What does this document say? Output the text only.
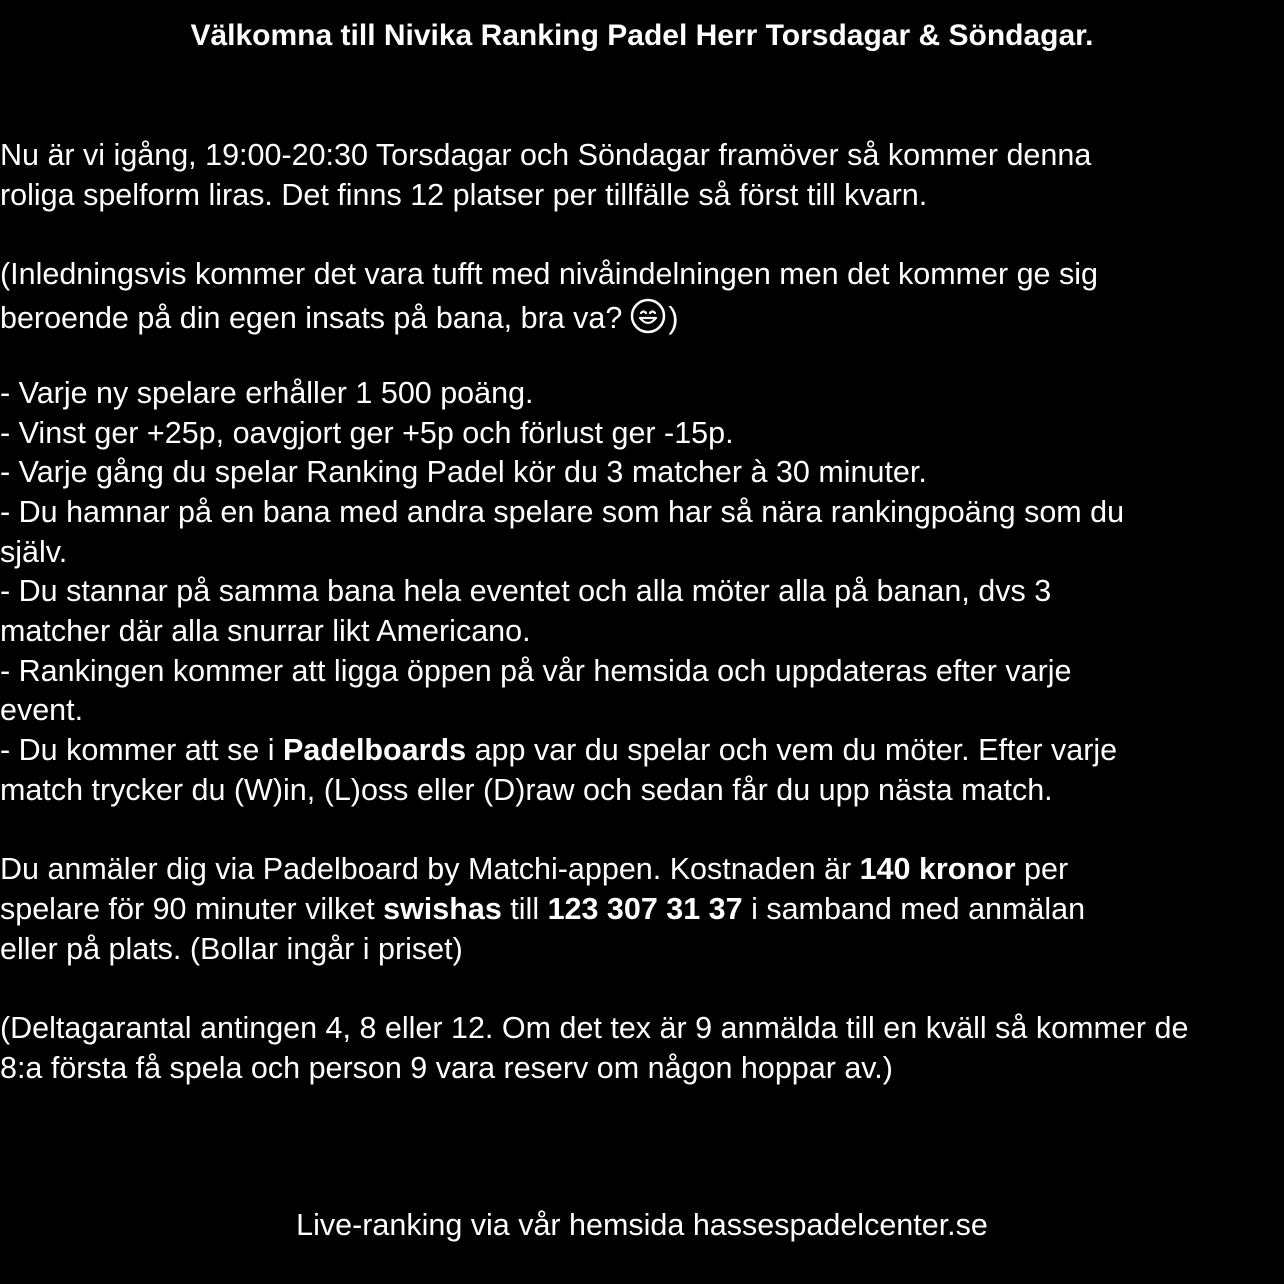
Välkomna till Nivika Ranking Padel Herr Torsdagar & Söndagar.

Nu är vi igång, 19:00-20:30 Torsdagar och Söndagar framöver så kommer denna

roliga spelform liras. Det finns 12 platser per tillfälle så först till kvarn.

(Inledningsvis kommer det vara tufft med nivåindelningen men det kommer ge sig

beroende på din egen insats på bana, bra va? )

- Varje ny spelare erhåller 1 500 poäng.

- Vinst ger +25p, oavgjort ger +5p och förlust ger -15p.

- Varje gång du spelar Ranking Padel kör du 3 matcher à 30 minuter.

- Du hamnar på en bana med andra spelare som har så nära rankingpoäng som du

själv.

- Du stannar på samma bana hela eventet och alla möter alla på banan, dvs 3

matcher där alla snurrar likt Americano.

- Rankingen kommer att ligga öppen på vår hemsida och uppdateras efter varje

event.

- Du kommer att se i Padelboards app var du spelar och vem du möter. Efter varje

match trycker du (W)in, (L)oss eller (D)raw och sedan får du upp nästa match.

Du anmäler dig via Padelboard by Matchi-appen. Kostnaden är 140 kronor per

spelare för 90 minuter vilket swishas till 123 307 31 37 i samband med anmälan

eller på plats. (Bollar ingår i priset)

(Deltagarantal antingen 4, 8 eller 12. Om det tex är 9 anmälda till en kväll så kommer de

8:a första få spela och person 9 vara reserv om någon hoppar av.)

Live-ranking via vår hemsida hassespadelcenter.se
